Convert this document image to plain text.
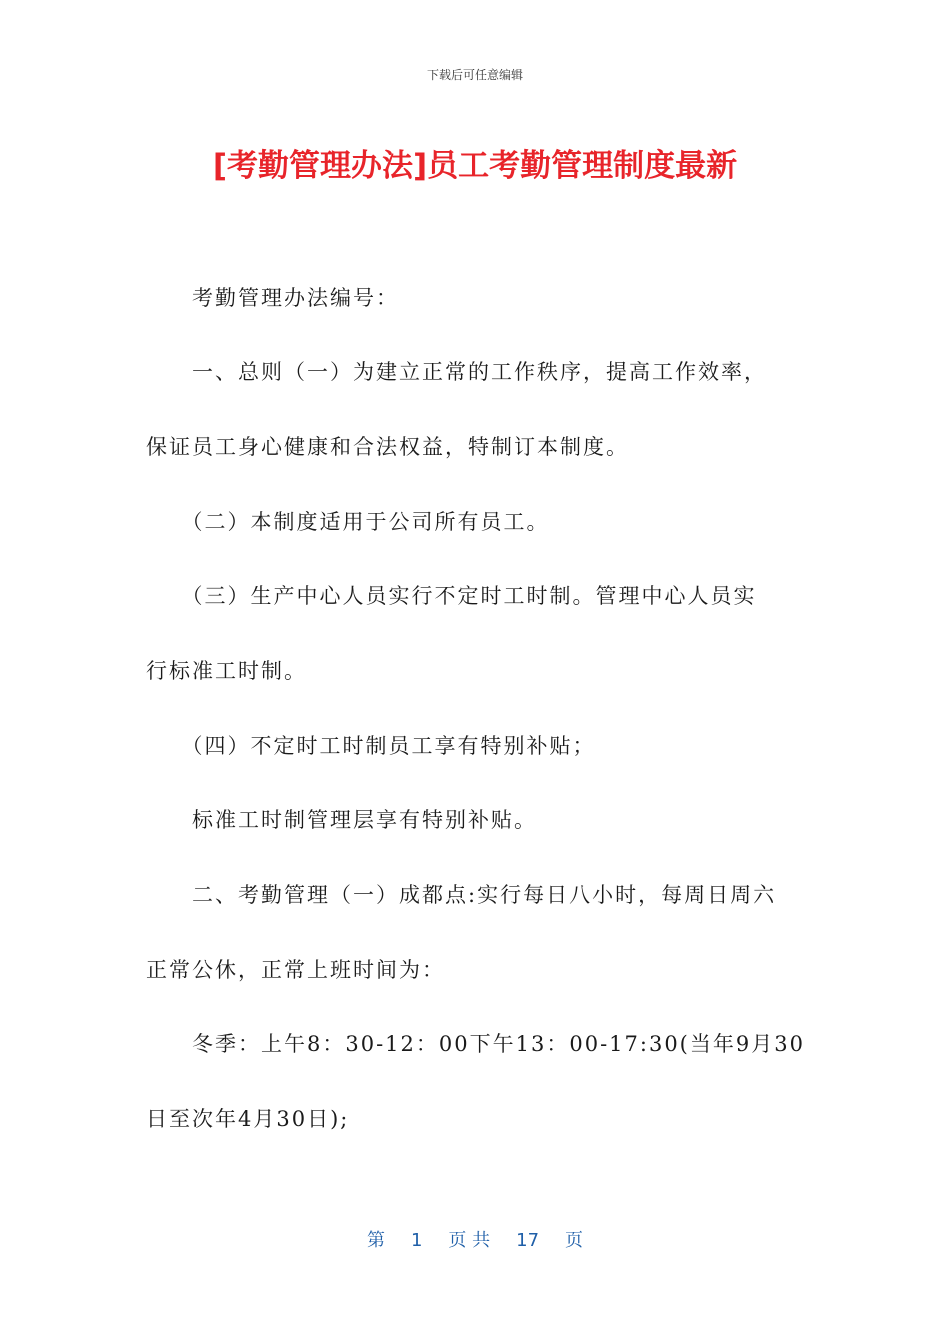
下载后可任意编辑
[考勤管理办法]员工考勤管理制度最新
　　考勤管理办法编号：
　　一、总则（一）为建立正常的工作秩序，提高工作效率，
保证员工身心健康和合法权益，特制订本制度。
　　（二）本制度适用于公司所有员工。
　　（三）生产中心人员实行不定时工时制。管理中心人员实
行标准工时制。
　　（四）不定时工时制员工享有特别补贴；
　　标准工时制管理层享有特别补贴。
　　二、考勤管理（一）成都点:实行每日八小时，每周日周六
正常公休，正常上班时间为：
　　冬季：上午8：30-12：00下午13：00-17:30(当年9月30
日至次年4月30日);
第 1 页 共 17 页
